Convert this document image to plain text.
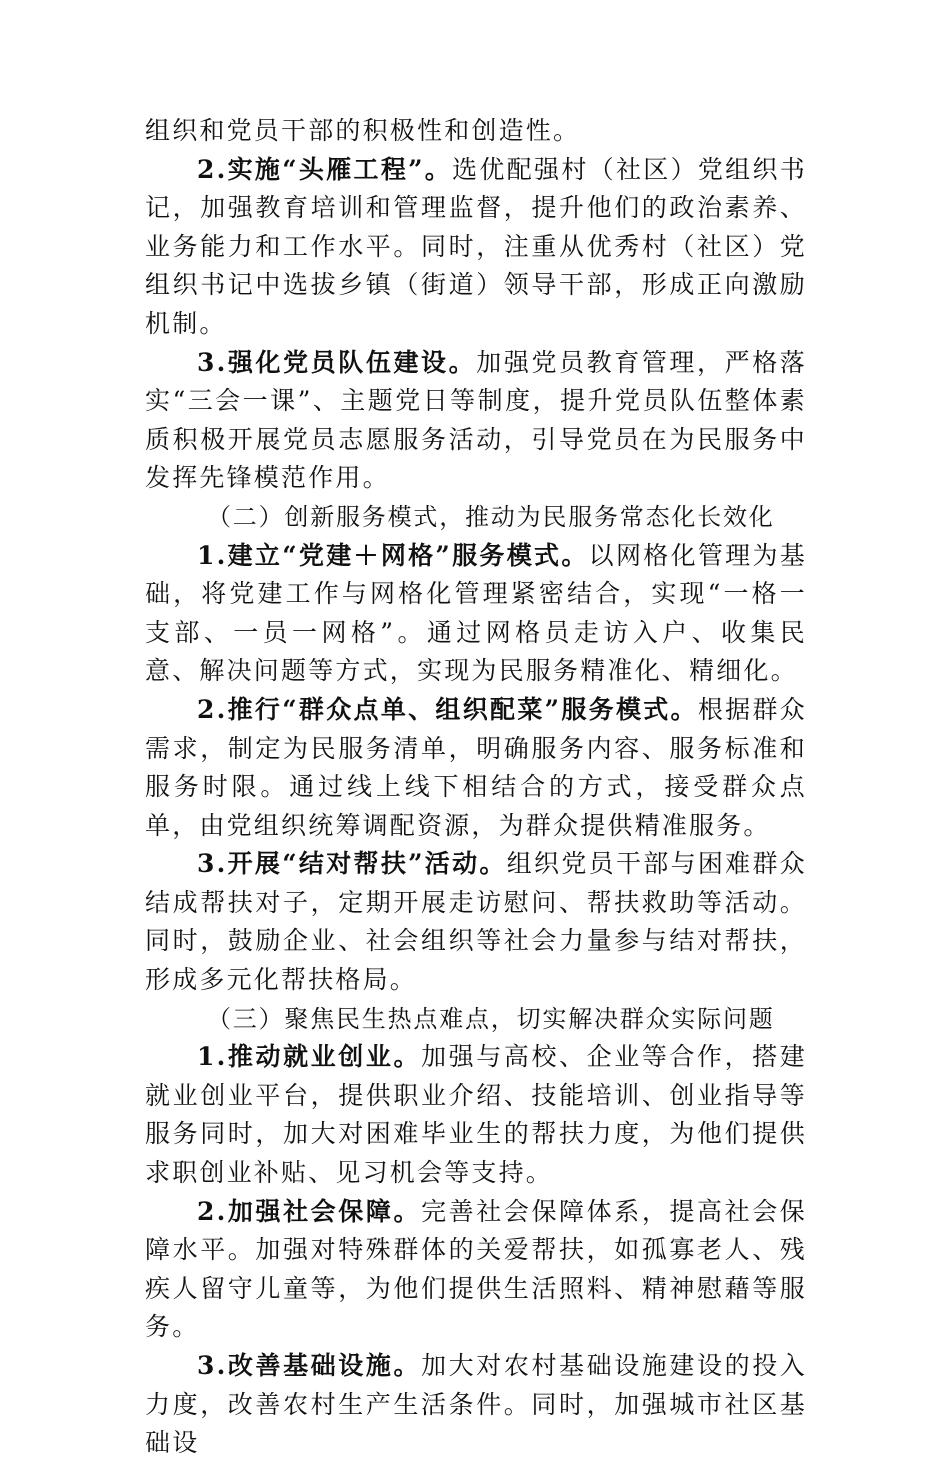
组织和党员干部的积极性和创造性。

2.实施“头雁工程”。选优配强村（社区）党组织书记，加强教育培训和管理监督，提升他们的政治素养、业务能力和工作水平。同时，注重从优秀村（社区）党组织书记中选拔乡镇（街道）领导干部，形成正向激励机制。

3.强化党员队伍建设。加强党员教育管理，严格落实“三会一课”、主题党日等制度，提升党员队伍整体素质积极开展党员志愿服务活动，引导党员在为民服务中发挥先锋模范作用。

（二）创新服务模式，推动为民服务常态化长效化

1.建立“党建＋网格”服务模式。以网格化管理为基础，将党建工作与网格化管理紧密结合，实现“一格一支部、一员一网格”。通过网格员走访入户、收集民意、解决问题等方式，实现为民服务精准化、精细化。

2.推行“群众点单、组织配菜”服务模式。根据群众需求，制定为民服务清单，明确服务内容、服务标准和服务时限。通过线上线下相结合的方式，接受群众点单，由党组织统筹调配资源，为群众提供精准服务。

3.开展“结对帮扶”活动。组织党员干部与困难群众结成帮扶对子，定期开展走访慰问、帮扶救助等活动。同时，鼓励企业、社会组织等社会力量参与结对帮扶，形成多元化帮扶格局。

（三）聚焦民生热点难点，切实解决群众实际问题

1.推动就业创业。加强与高校、企业等合作，搭建就业创业平台，提供职业介绍、技能培训、创业指导等服务同时，加大对困难毕业生的帮扶力度，为他们提供求职创业补贴、见习机会等支持。

2.加强社会保障。完善社会保障体系，提高社会保障水平。加强对特殊群体的关爱帮扶，如孤寡老人、残疾人留守儿童等，为他们提供生活照料、精神慰藉等服务。

3.改善基础设施。加大对农村基础设施建设的投入力度，改善农村生产生活条件。同时，加强城市社区基础设
